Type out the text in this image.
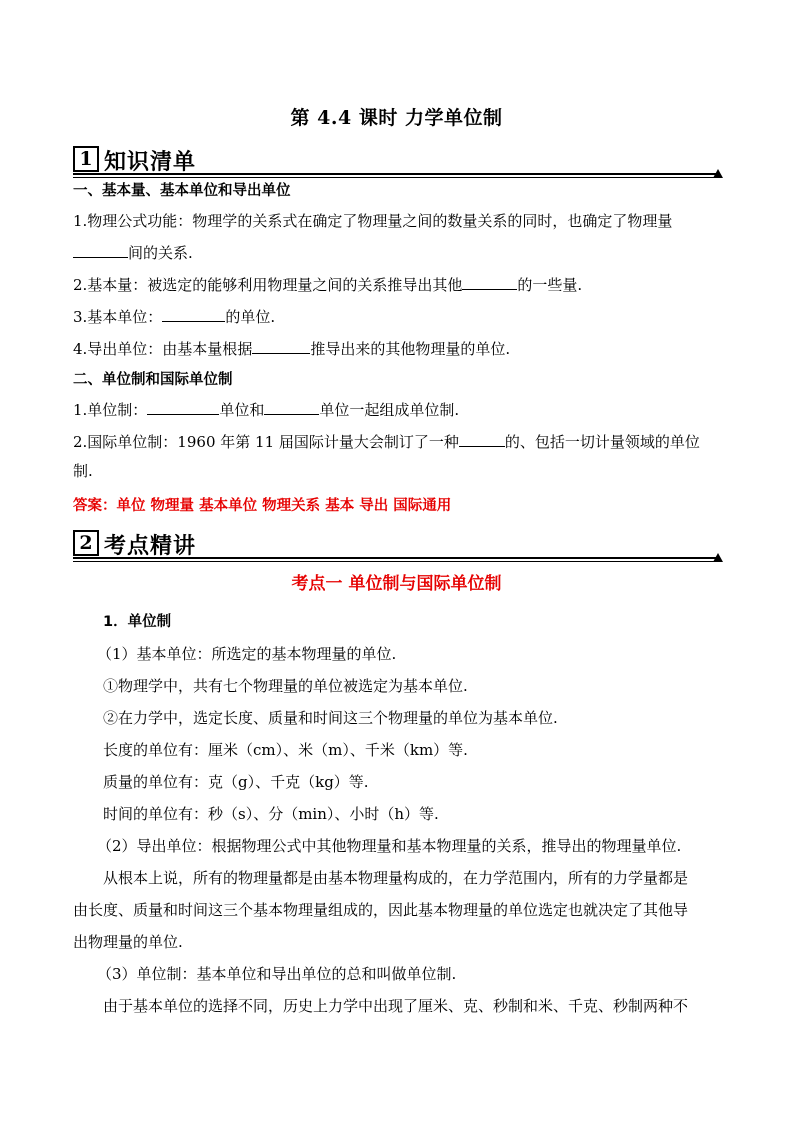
第 4.4 课时 力学单位制
1 知识清单
一、基本量、基本单位和导出单位
1.物理公式功能：物理学的关系式在确定了物理量之间的数量关系的同时，也确定了物理量
间的关系.
2.基本量：被选定的能够利用物理量之间的关系推导出其他	的一些量.
3.基本单位：	的单位.
4.导出单位：由基本量根据	推导出来的其他物理量的单位.
二、单位制和国际单位制
1.单位制：	单位和	单位一起组成单位制.
2.国际单位制：1960 年第 11 届国际计量大会制订了一种	的、包括一切计量领域的单位
制.
答案：单位 物理量 基本单位 物理关系 基本 导出 国际通用
2 考点精讲
考点一 单位制与国际单位制
1．单位制
（1）基本单位：所选定的基本物理量的单位.
①物理学中，共有七个物理量的单位被选定为基本单位.
②在力学中，选定长度、质量和时间这三个物理量的单位为基本单位.
长度的单位有：厘米（cm）、米（m）、千米（km）等.
质量的单位有：克（g）、千克（kg）等.
时间的单位有：秒（s）、分（min）、小时（h）等.
（2）导出单位：根据物理公式中其他物理量和基本物理量的关系，推导出的物理量单位.
从根本上说，所有的物理量都是由基本物理量构成的，在力学范围内，所有的力学量都是
由长度、质量和时间这三个基本物理量组成的，因此基本物理量的单位选定也就决定了其他导
出物理量的单位.
（3）单位制：基本单位和导出单位的总和叫做单位制.
由于基本单位的选择不同，历史上力学中出现了厘米、克、秒制和米、千克、秒制两种不
